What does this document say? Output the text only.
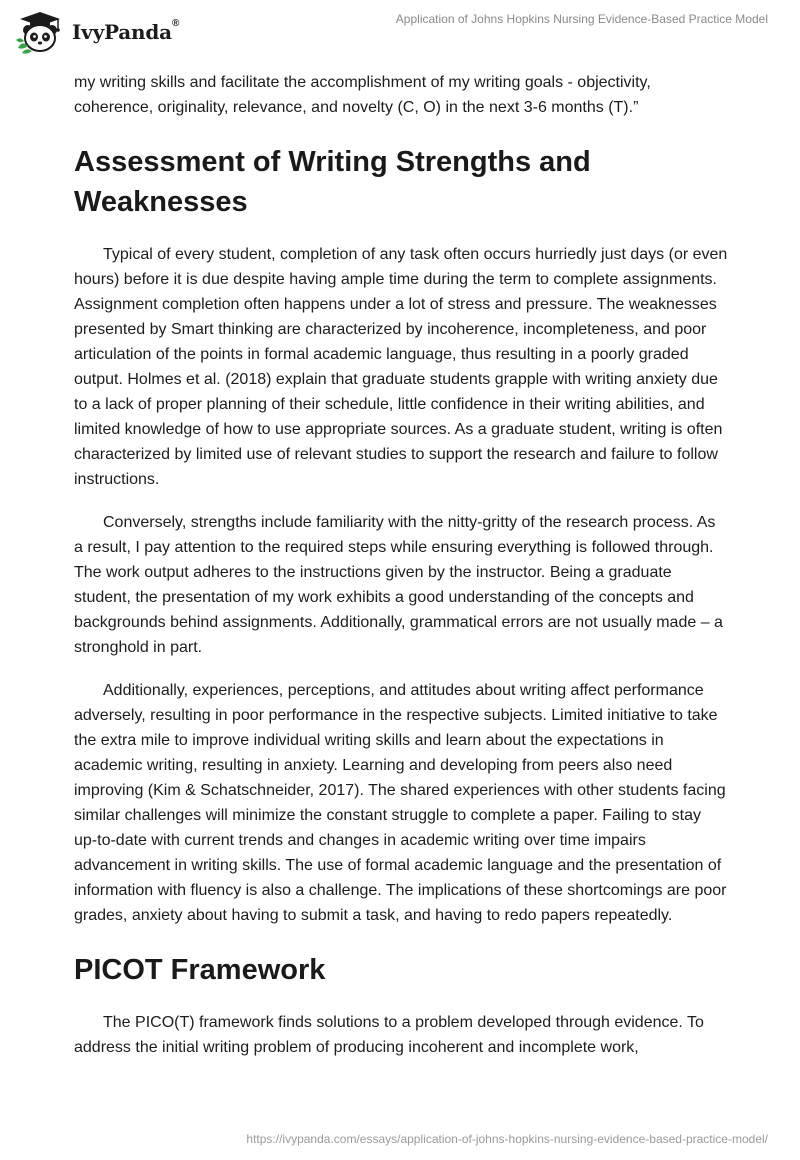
IvyPanda®	Application of Johns Hopkins Nursing Evidence-Based Practice Model

my writing skills and facilitate the accomplishment of my writing goals - objectivity, coherence, originality, relevance, and novelty (C, O) in the next 3-6 months (T).”

Assessment of Writing Strengths and Weaknesses

Typical of every student, completion of any task often occurs hurriedly just days (or even hours) before it is due despite having ample time during the term to complete assignments. Assignment completion often happens under a lot of stress and pressure. The weaknesses presented by Smart thinking are characterized by incoherence, incompleteness, and poor articulation of the points in formal academic language, thus resulting in a poorly graded output. Holmes et al. (2018) explain that graduate students grapple with writing anxiety due to a lack of proper planning of their schedule, little confidence in their writing abilities, and limited knowledge of how to use appropriate sources. As a graduate student, writing is often characterized by limited use of relevant studies to support the research and failure to follow instructions.

Conversely, strengths include familiarity with the nitty-gritty of the research process. As a result, I pay attention to the required steps while ensuring everything is followed through. The work output adheres to the instructions given by the instructor. Being a graduate student, the presentation of my work exhibits a good understanding of the concepts and backgrounds behind assignments. Additionally, grammatical errors are not usually made – a stronghold in part.

Additionally, experiences, perceptions, and attitudes about writing affect performance adversely, resulting in poor performance in the respective subjects. Limited initiative to take the extra mile to improve individual writing skills and learn about the expectations in academic writing, resulting in anxiety. Learning and developing from peers also need improving (Kim & Schatschneider, 2017). The shared experiences with other students facing similar challenges will minimize the constant struggle to complete a paper. Failing to stay up-to-date with current trends and changes in academic writing over time impairs advancement in writing skills. The use of formal academic language and the presentation of information with fluency is also a challenge. The implications of these shortcomings are poor grades, anxiety about having to submit a task, and having to redo papers repeatedly.

PICOT Framework

The PICO(T) framework finds solutions to a problem developed through evidence. To address the initial writing problem of producing incoherent and incomplete work,

https://ivypanda.com/essays/application-of-johns-hopkins-nursing-evidence-based-practice-model/
